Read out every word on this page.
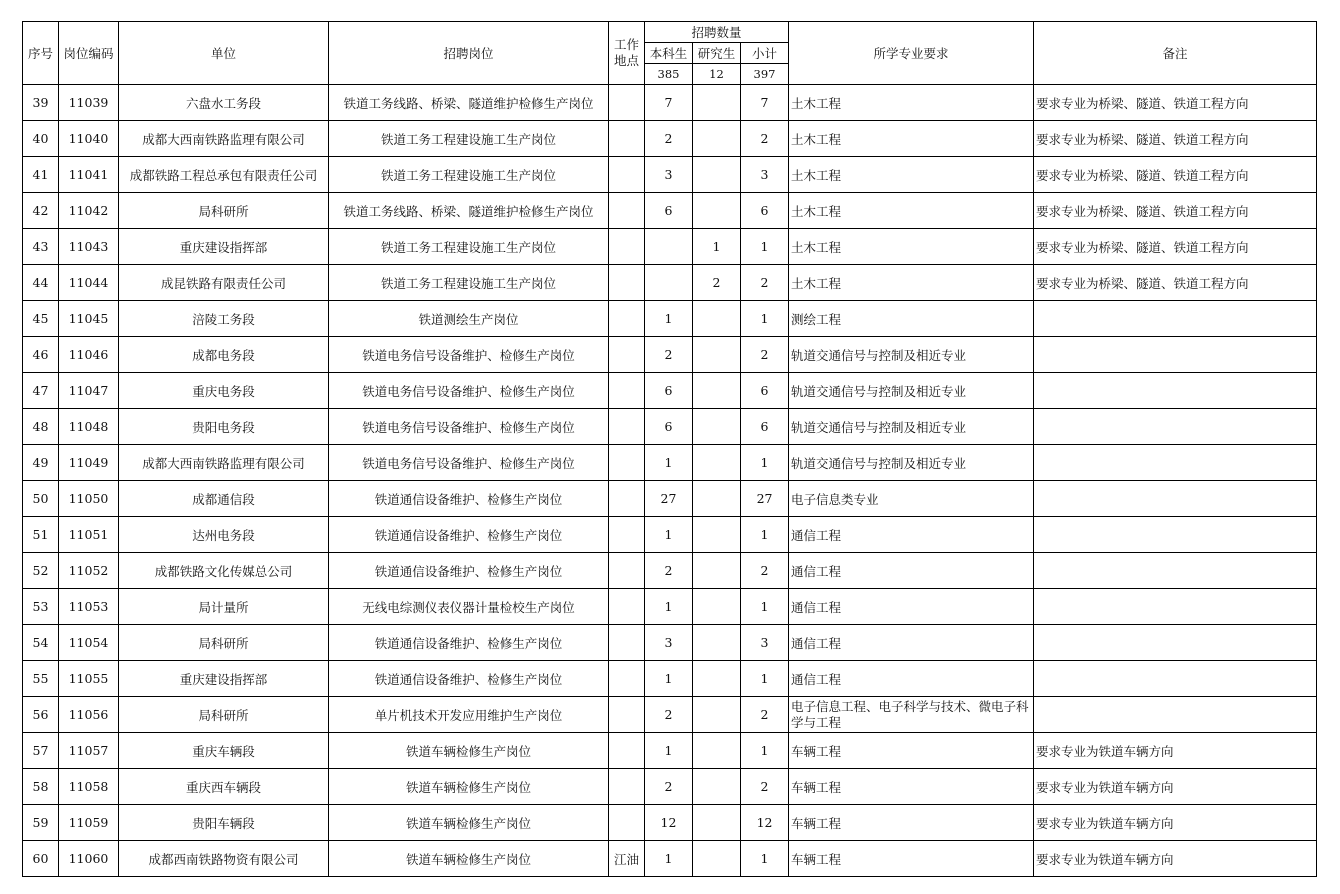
序号	岗位编码	单位	招聘岗位	工作地点	招聘数量			所学专业要求	备注
					本科生	研究生	小计		
					385	12	397		
39	11039	六盘水工务段	铁道工务线路、桥梁、隧道维护检修生产岗位		7		7	土木工程	要求专业为桥梁、隧道、铁道工程方向
40	11040	成都大西南铁路监理有限公司	铁道工务工程建设施工生产岗位		2		2	土木工程	要求专业为桥梁、隧道、铁道工程方向
41	11041	成都铁路工程总承包有限责任公司	铁道工务工程建设施工生产岗位		3		3	土木工程	要求专业为桥梁、隧道、铁道工程方向
42	11042	局科研所	铁道工务线路、桥梁、隧道维护检修生产岗位		6		6	土木工程	要求专业为桥梁、隧道、铁道工程方向
43	11043	重庆建设指挥部	铁道工务工程建设施工生产岗位			1	1	土木工程	要求专业为桥梁、隧道、铁道工程方向
44	11044	成昆铁路有限责任公司	铁道工务工程建设施工生产岗位			2	2	土木工程	要求专业为桥梁、隧道、铁道工程方向
45	11045	涪陵工务段	铁道测绘生产岗位		1		1	测绘工程	
46	11046	成都电务段	铁道电务信号设备维护、检修生产岗位		2		2	轨道交通信号与控制及相近专业	
47	11047	重庆电务段	铁道电务信号设备维护、检修生产岗位		6		6	轨道交通信号与控制及相近专业	
48	11048	贵阳电务段	铁道电务信号设备维护、检修生产岗位		6		6	轨道交通信号与控制及相近专业	
49	11049	成都大西南铁路监理有限公司	铁道电务信号设备维护、检修生产岗位		1		1	轨道交通信号与控制及相近专业	
50	11050	成都通信段	铁道通信设备维护、检修生产岗位		27		27	电子信息类专业	
51	11051	达州电务段	铁道通信设备维护、检修生产岗位		1		1	通信工程	
52	11052	成都铁路文化传媒总公司	铁道通信设备维护、检修生产岗位		2		2	通信工程	
53	11053	局计量所	无线电综测仪表仪器计量检校生产岗位		1		1	通信工程	
54	11054	局科研所	铁道通信设备维护、检修生产岗位		3		3	通信工程	
55	11055	重庆建设指挥部	铁道通信设备维护、检修生产岗位		1		1	通信工程	
56	11056	局科研所	单片机技术开发应用维护生产岗位		2		2	电子信息工程、电子科学与技术、微电子科学与工程	
57	11057	重庆车辆段	铁道车辆检修生产岗位		1		1	车辆工程	要求专业为铁道车辆方向
58	11058	重庆西车辆段	铁道车辆检修生产岗位		2		2	车辆工程	要求专业为铁道车辆方向
59	11059	贵阳车辆段	铁道车辆检修生产岗位		12		12	车辆工程	要求专业为铁道车辆方向
60	11060	成都西南铁路物资有限公司	铁道车辆检修生产岗位	江油	1		1	车辆工程	要求专业为铁道车辆方向
